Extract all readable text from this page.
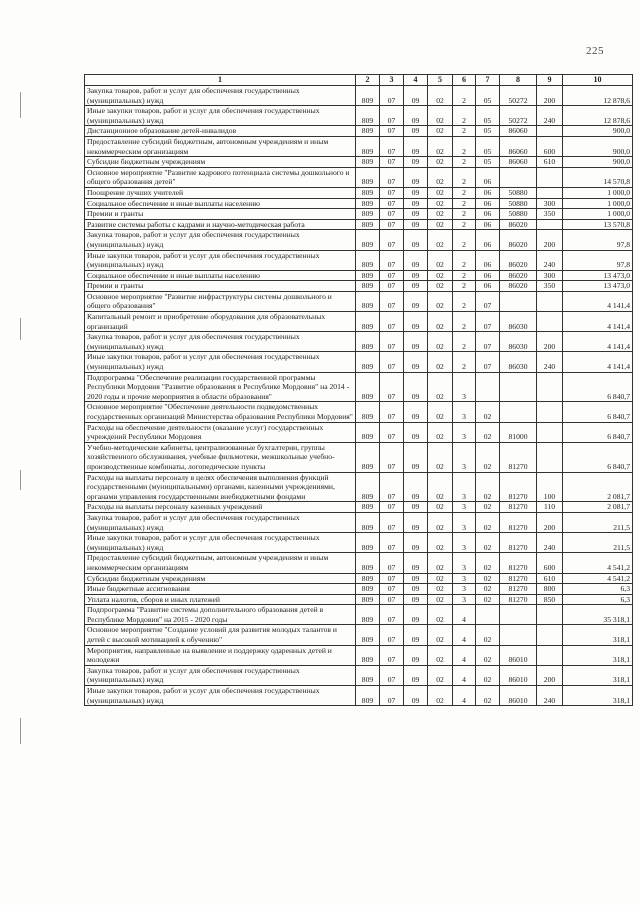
225
1	2	3	4	5	6	7	8	9	10
Закупка товаров, работ и услуг для обеспечения государственных (муниципальных) нужд	809	07	09	02	2	05	50272	200	12 878,6
Иные закупки товаров, работ и услуг для обеспечения государственных (муниципальных) нужд	809	07	09	02	2	05	50272	240	12 878,6
Дистанционное образование детей-инвалидов	809	07	09	02	2	05	86060		900,0
Предоставление субсидий бюджетным, автономным учреждениям и иным некоммерческим организациям	809	07	09	02	2	05	86060	600	900,0
Субсидии бюджетным учреждениям	809	07	09	02	2	05	86060	610	900,0
Основное мероприятие "Развитие кадрового потенциала системы дошкольного и общего образования детей"	809	07	09	02	2	06			14 570,8
Поощрение лучших учителей	809	07	09	02	2	06	50880		1 000,0
Социальное обеспечение и иные выплаты населению	809	07	09	02	2	06	50880	300	1 000,0
Премии и гранты	809	07	09	02	2	06	50880	350	1 000,0
Развитие системы работы с кадрами и научно-методическая работа	809	07	09	02	2	06	86020		13 570,8
Закупка товаров, работ и услуг для обеспечения государственных (муниципальных) нужд	809	07	09	02	2	06	86020	200	97,8
Иные закупки товаров, работ и услуг для обеспечения государственных (муниципальных) нужд	809	07	09	02	2	06	86020	240	97,8
Социальное обеспечение и иные выплаты населению	809	07	09	02	2	06	86020	300	13 473,0
Премии и гранты	809	07	09	02	2	06	86020	350	13 473,0
Основное мероприятие "Развитие инфраструктуры системы дошкольного и общего образования"	809	07	09	02	2	07			4 141,4
Капитальный ремонт и приобретение оборудования для образовательных организаций	809	07	09	02	2	07	86030		4 141,4
Закупка товаров, работ и услуг для обеспечения государственных (муниципальных) нужд	809	07	09	02	2	07	86030	200	4 141,4
Иные закупки товаров, работ и услуг для обеспечения государственных (муниципальных) нужд	809	07	09	02	2	07	86030	240	4 141,4
Подпрограмма "Обеспечение реализации государственной программы Республики Мордовия "Развитие образования в Республике Мордовия" на 2014 - 2020 годы и прочие мероприятия в области образования"	809	07	09	02	3				6 840,7
Основное мероприятие "Обеспечение деятельности подведомственных государственных организаций Министерства образования Республики Мордовия"	809	07	09	02	3	02			6 840,7
Расходы на обеспечение деятельности (оказание услуг) государственных учреждений Республики Мордовия	809	07	09	02	3	02	81000		6 840,7
Учебно-методические кабинеты, централизованные бухгалтерии, группы хозяйственного обслуживания, учебные фильмотеки, межшкольные учебно-производственные комбинаты, логопедические пункты	809	07	09	02	3	02	81270		6 840,7
Расходы на выплаты персоналу в целях обеспечения выполнения функций государственными (муниципальными) органами, казенными учреждениями, органами управления государственными внебюджетными фондами	809	07	09	02	3	02	81270	100	2 081,7
Расходы на выплаты персоналу казенных учреждений	809	07	09	02	3	02	81270	110	2 081,7
Закупка товаров, работ и услуг для обеспечения государственных (муниципальных) нужд	809	07	09	02	3	02	81270	200	211,5
Иные закупки товаров, работ и услуг для обеспечения государственных (муниципальных) нужд	809	07	09	02	3	02	81270	240	211,5
Предоставление субсидий бюджетным, автономным учреждениям и иным некоммерческим организациям	809	07	09	02	3	02	81270	600	4 541,2
Субсидии бюджетным учреждениям	809	07	09	02	3	02	81270	610	4 541,2
Иные бюджетные ассигнования	809	07	09	02	3	02	81270	800	6,3
Уплата налогов, сборов и иных платежей	809	07	09	02	3	02	81270	850	6,3
Подпрограмма "Развитие системы дополнительного образования детей в Республике Мордовия" на 2015 - 2020 годы	809	07	09	02	4				35 318,1
Основное мероприятие "Создание условий для развития молодых талантов и детей с высокой мотивацией к обучению"	809	07	09	02	4	02			318,1
Мероприятия, направленные на выявление и поддержку одаренных детей и молодежи	809	07	09	02	4	02	86010		318,1
Закупка товаров, работ и услуг для обеспечения государственных (муниципальных) нужд	809	07	09	02	4	02	86010	200	318,1
Иные закупки товаров, работ и услуг для обеспечения государственных (муниципальных) нужд	809	07	09	02	4	02	86010	240	318,1
